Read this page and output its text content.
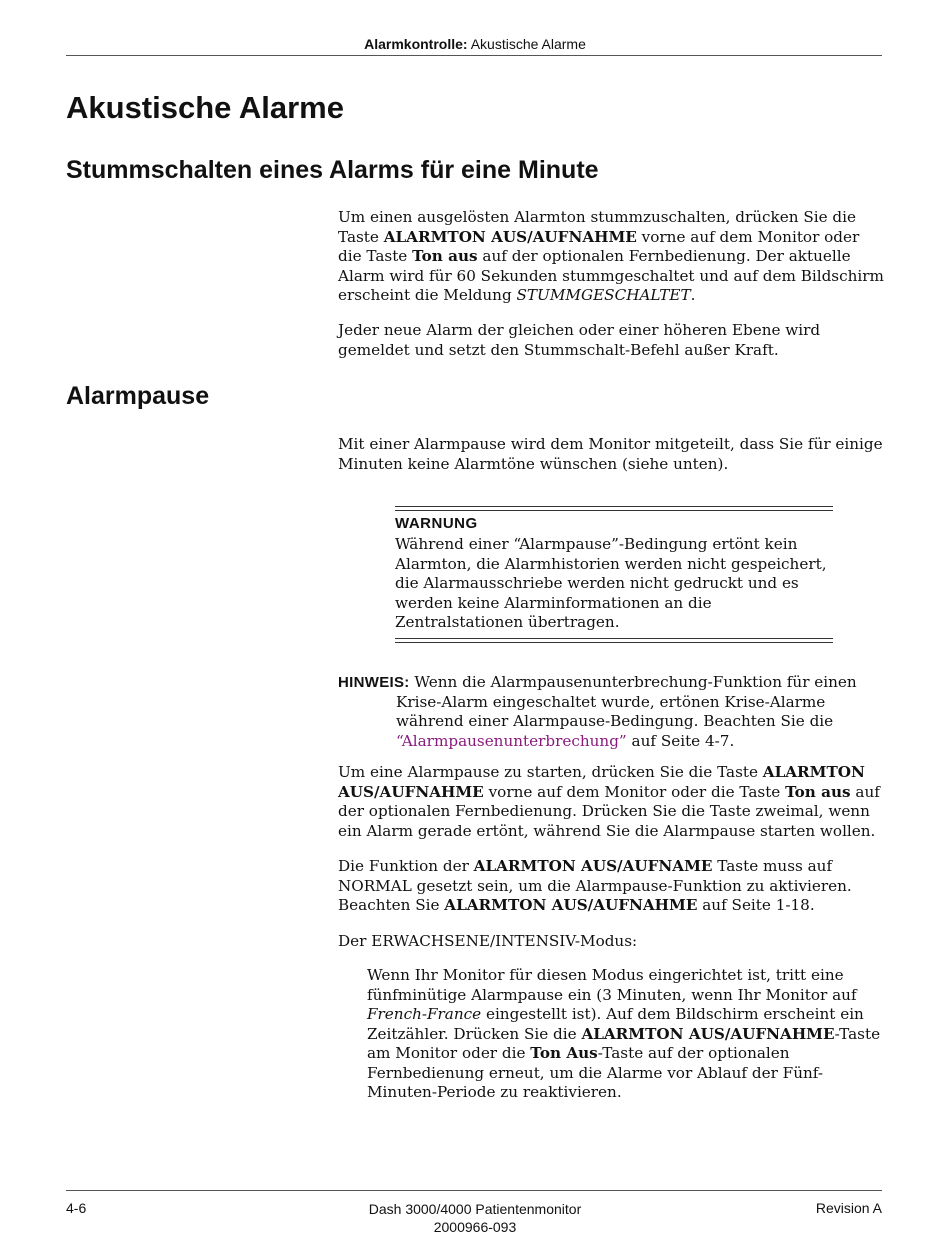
Alarmkontrolle: Akustische Alarme
Akustische Alarme
Stummschalten eines Alarms für eine Minute

Um einen ausgelösten Alarmton stummzuschalten, drücken Sie die Taste ALARMTON AUS/AUFNAHME vorne auf dem Monitor oder die Taste Ton aus auf der optionalen Fernbedienung. Der aktuelle Alarm wird für 60 Sekunden stummgeschaltet und auf dem Bildschirm erscheint die Meldung STUMMGESCHALTET.

Jeder neue Alarm der gleichen oder einer höheren Ebene wird gemeldet und setzt den Stummschalt-Befehl außer Kraft.

Alarmpause

Mit einer Alarmpause wird dem Monitor mitgeteilt, dass Sie für einige Minuten keine Alarmtöne wünschen (siehe unten).

WARNUNG

Während einer “Alarmpause”-Bedingung ertönt kein Alarmton, die Alarmhistorien werden nicht gespeichert, die Alarmausschriebe werden nicht gedruckt und es werden keine Alarminformationen an die Zentralstationen übertragen.

HINWEIS: Wenn die Alarmpausenunterbrechung-Funktion für einen
Krise-Alarm eingeschaltet wurde, ertönen Krise-Alarme
während einer Alarmpause-Bedingung. Beachten Sie die
“Alarmpausenunterbrechung” auf Seite 4-7.

Um eine Alarmpause zu starten, drücken Sie die Taste ALARMTON AUS/AUFNAHME vorne auf dem Monitor oder die Taste Ton aus auf der optionalen Fernbedienung. Drücken Sie die Taste zweimal, wenn ein Alarm gerade ertönt, während Sie die Alarmpause starten wollen.

Die Funktion der ALARMTON AUS/AUFNAME Taste muss auf NORMAL gesetzt sein, um die Alarmpause-Funktion zu aktivieren. Beachten Sie ALARMTON AUS/AUFNAHME auf Seite 1-18.

Der ERWACHSENE/INTENSIV-Modus:

Wenn Ihr Monitor für diesen Modus eingerichtet ist, tritt eine fünfminütige Alarmpause ein (3 Minuten, wenn Ihr Monitor auf French-France eingestellt ist). Auf dem Bildschirm erscheint ein Zeitzähler. Drücken Sie die ALARMTON AUS/AUFNAHME-Taste am Monitor oder die Ton Aus-Taste auf der optionalen Fernbedienung erneut, um die Alarme vor Ablauf der Fünf-Minuten-Periode zu reaktivieren.

4-6	Dash 3000/4000 Patientenmonitor
2000966-093
Revision A
